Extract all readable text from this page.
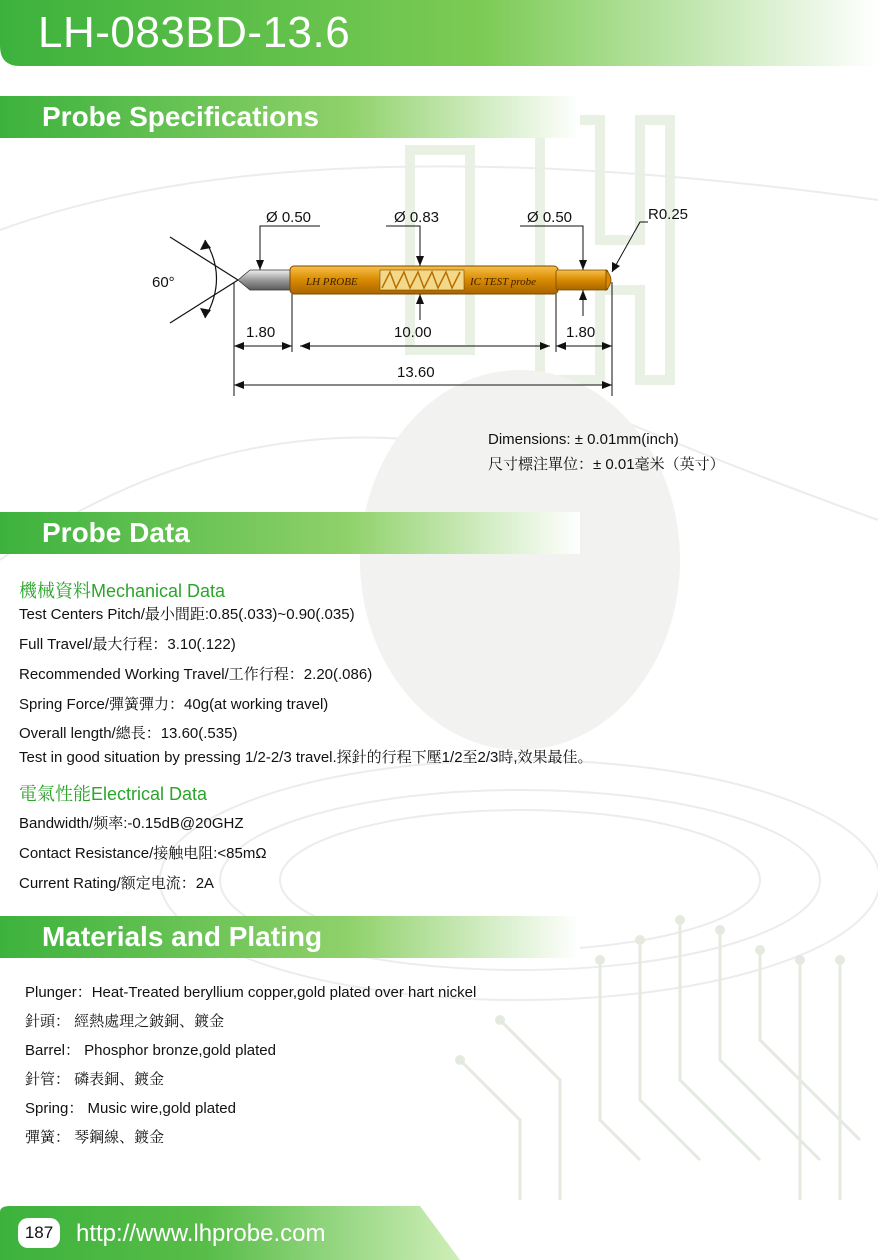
LH-083BD-13.6
Probe Specifications
Ø 0.50	Ø 0.83	Ø 0.50	R0.25
60°
1.80	10.00	1.80
13.60
LH PROBE	IC TEST probe
Dimensions: ± 0.01mm(inch)
尺寸標注單位：± 0.01毫米（英寸）
Probe Data
機械資料Mechanical Data
Test Centers Pitch/最小間距:0.85(.033)~0.90(.035)
Full Travel/最大行程：3.10(.122)
Recommended Working Travel/工作行程：2.20(.086)
Spring Force/彈簧彈力：40g(at working travel)
Overall length/總長：13.60(.535)
Test in good situation by pressing 1/2-2/3 travel.探針的行程下壓1/2至2/3時,效果最佳。
電氣性能Electrical Data
Bandwidth/频率:-0.15dB@20GHZ
Contact Resistance/接触电阻:<85mΩ
Current Rating/额定电流：2A
Materials and Plating
Plunger：Heat-Treated beryllium copper,gold plated over hart nickel
針頭： 經熱處理之鈹銅、鍍金
Barrel： Phosphor bronze,gold plated
針管： 磷表銅、鍍金
Spring： Music wire,gold plated
彈簧： 琴鋼線、鍍金
187 http://www.lhprobe.com
